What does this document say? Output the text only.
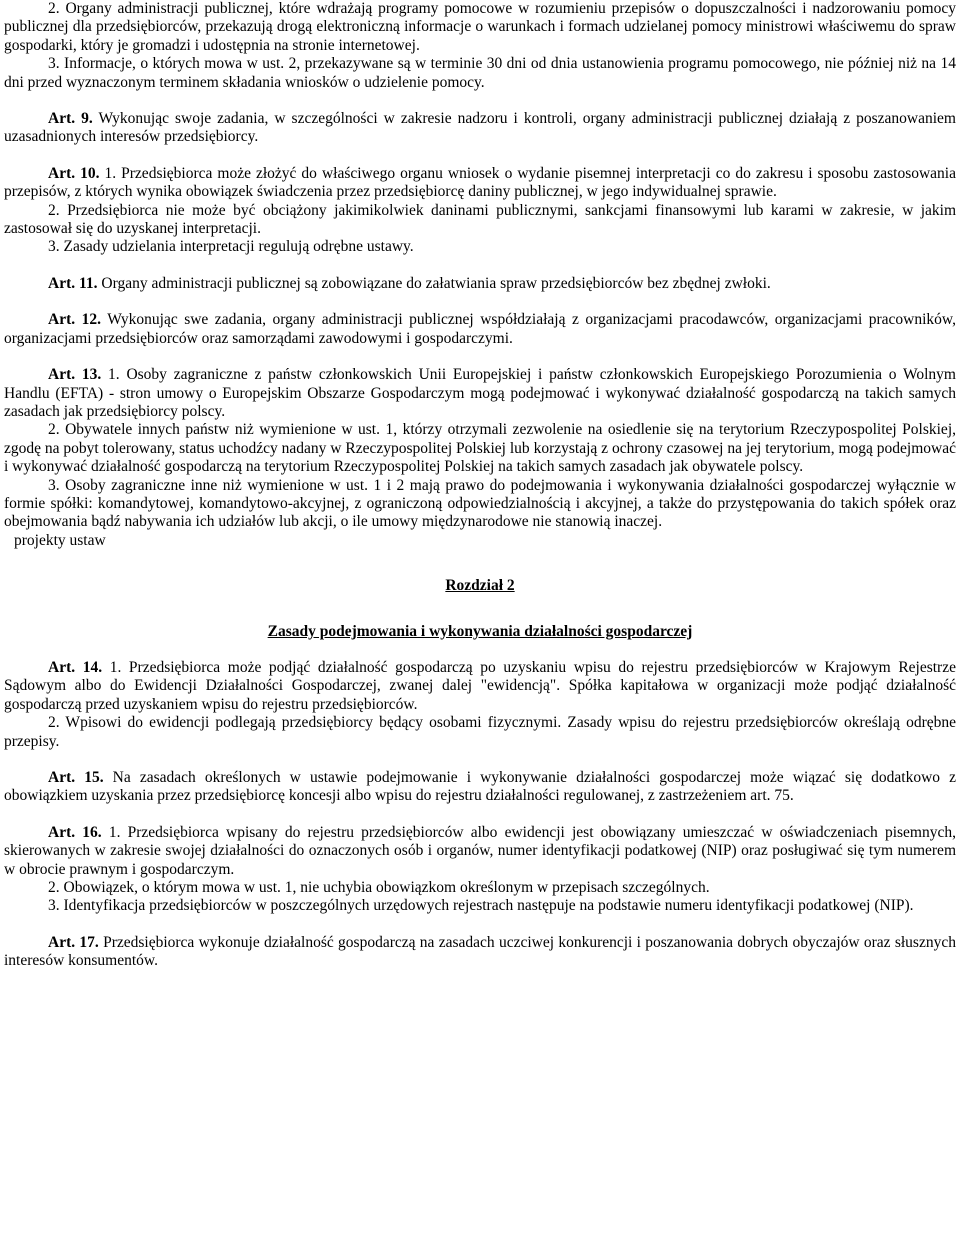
2. Organy administracji publicznej, które wdrażają programy pomocowe w rozumieniu przepisów o dopuszczalności i nadzorowaniu pomocy publicznej dla przedsiębiorców, przekazują drogą elektroniczną informacje o warunkach i formach udzielanej pomocy ministrowi właściwemu do spraw gospodarki, który je gromadzi i udostępnia na stronie internetowej.

3. Informacje, o których mowa w ust. 2, przekazywane są w terminie 30 dni od dnia ustanowienia programu pomocowego, nie później niż na 14 dni przed wyznaczonym terminem składania wniosków o udzielenie pomocy.

Art. 9. Wykonując swoje zadania, w szczególności w zakresie nadzoru i kontroli, organy administracji publicznej działają z poszanowaniem uzasadnionych interesów przedsiębiorcy.

Art. 10. 1. Przedsiębiorca może złożyć do właściwego organu wniosek o wydanie pisemnej interpretacji co do zakresu i sposobu zastosowania przepisów, z których wynika obowiązek świadczenia przez przedsiębiorcę daniny publicznej, w jego indywidualnej sprawie.

2. Przedsiębiorca nie może być obciążony jakimikolwiek daninami publicznymi, sankcjami finansowymi lub karami w zakresie, w jakim zastosował się do uzyskanej interpretacji.

3. Zasady udzielania interpretacji regulują odrębne ustawy.

Art. 11. Organy administracji publicznej są zobowiązane do załatwiania spraw przedsiębiorców bez zbędnej zwłoki.

Art. 12. Wykonując swe zadania, organy administracji publicznej współdziałają z organizacjami pracodawców, organizacjami pracowników, organizacjami przedsiębiorców oraz samorządami zawodowymi i gospodarczymi.

Art. 13. 1. Osoby zagraniczne z państw członkowskich Unii Europejskiej i państw członkowskich Europejskiego Porozumienia o Wolnym Handlu (EFTA) - stron umowy o Europejskim Obszarze Gospodarczym mogą podejmować i wykonywać działalność gospodarczą na takich samych zasadach jak przedsiębiorcy polscy.

2. Obywatele innych państw niż wymienione w ust. 1, którzy otrzymali zezwolenie na osiedlenie się na terytorium Rzeczypospolitej Polskiej, zgodę na pobyt tolerowany, status uchodźcy nadany w Rzeczypospolitej Polskiej lub korzystają z ochrony czasowej na jej terytorium, mogą podejmować i wykonywać działalność gospodarczą na terytorium Rzeczypospolitej Polskiej na takich samych zasadach jak obywatele polscy.

3. Osoby zagraniczne inne niż wymienione w ust. 1 i 2 mają prawo do podejmowania i wykonywania działalności gospodarczej wyłącznie w formie spółki: komandytowej, komandytowo-akcyjnej, z ograniczoną odpowiedzialnością i akcyjnej, a także do przystępowania do takich spółek oraz obejmowania bądź nabywania ich udziałów lub akcji, o ile umowy międzynarodowe nie stanowią inaczej.

projekty ustaw

Rozdział 2

Zasady podejmowania i wykonywania działalności gospodarczej

Art. 14. 1. Przedsiębiorca może podjąć działalność gospodarczą po uzyskaniu wpisu do rejestru przedsiębiorców w Krajowym Rejestrze Sądowym albo do Ewidencji Działalności Gospodarczej, zwanej dalej "ewidencją". Spółka kapitałowa w organizacji może podjąć działalność gospodarczą przed uzyskaniem wpisu do rejestru przedsiębiorców.

2. Wpisowi do ewidencji podlegają przedsiębiorcy będący osobami fizycznymi. Zasady wpisu do rejestru przedsiębiorców określają odrębne przepisy.

Art. 15. Na zasadach określonych w ustawie podejmowanie i wykonywanie działalności gospodarczej może wiązać się dodatkowo z obowiązkiem uzyskania przez przedsiębiorcę koncesji albo wpisu do rejestru działalności regulowanej, z zastrzeżeniem art. 75.

Art. 16. 1. Przedsiębiorca wpisany do rejestru przedsiębiorców albo ewidencji jest obowiązany umieszczać w oświadczeniach pisemnych, skierowanych w zakresie swojej działalności do oznaczonych osób i organów, numer identyfikacji podatkowej (NIP) oraz posługiwać się tym numerem w obrocie prawnym i gospodarczym.

2. Obowiązek, o którym mowa w ust. 1, nie uchybia obowiązkom określonym w przepisach szczególnych.

3. Identyfikacja przedsiębiorców w poszczególnych urzędowych rejestrach następuje na podstawie numeru identyfikacji podatkowej (NIP).

Art. 17. Przedsiębiorca wykonuje działalność gospodarczą na zasadach uczciwej konkurencji i poszanowania dobrych obyczajów oraz słusznych interesów konsumentów.
